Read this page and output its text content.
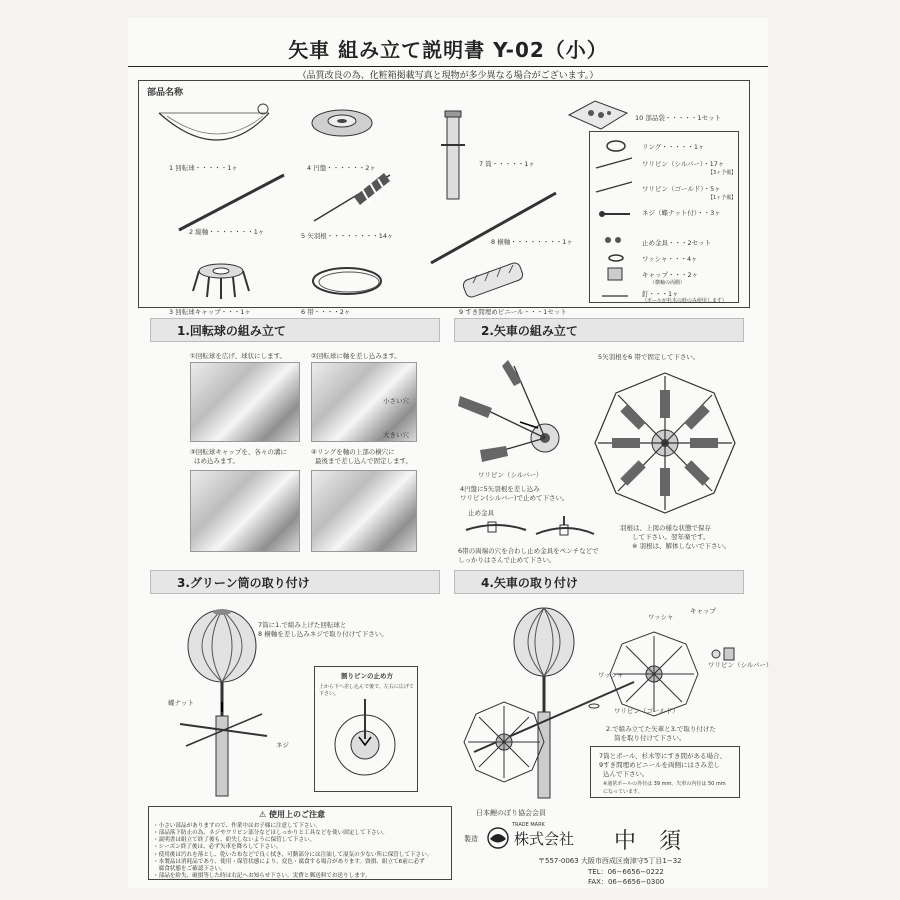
矢車 組み立て説明書 Y-02（小）
（品質改良の為、化粧箱掲載写真と現物が多少異なる場合がございます。）
部品名称
1 回転球・・・・・1ヶ
2 縦軸・・・・・・・1ヶ
3 回転球キャップ・・・1ヶ
4 円盤・・・・・・2ヶ
5 矢羽根・・・・・・・・14ヶ
6 帯・・・・2ヶ
7 筒・・・・・1ヶ
8 横軸・・・・・・・・1ヶ
9 すき間埋めビニール・・・1セット
10 部品袋・・・・・1セット
リング・・・・・1ヶ
ワリピン（シルバー）・17ヶ
【3ヶ予備】
ワリピン（ゴールド）・5ヶ
【1ヶ予備】
ネジ（蝶ナット付）・・3ヶ
止め金具・・・2セット
ワッシャ・・・4ヶ
キャップ・・・2ヶ
（横軸の両側）
釘・・・1ヶ
（ポールが杉木の時のみ使用します）
1.回転球の組み立て
①回転球を広げ、球状にします。	②回転球に軸を差し込みます。
小さい穴
大きい穴
③回転球キャップを、各々の溝に
はめ込みます。
④リングを軸の上部の横穴に
最後まで差し込んで固定します。
2.矢車の組み立て
5矢羽根を6 帯で固定して下さい。
ワリピン（シルバー）
4円盤に5矢羽根を差し込み
ワリピン(シルバー)で止めて下さい。
止め金具
6帯の両端の穴を合わし止め金具をペンチなどで
しっかりはさんで止めて下さい。
羽根は、上図の様な状態で保存
して下さい。翌年楽です。
※ 羽根は、解体しないで下さい。
3.グリーン筒の取り付け
7筒に1.で組み上げた回転球と
8 横軸を差し込みネジで取り付けて下さい。
蝶ナット
ネジ
割りピンの止め方
上から下へ差し込んで後で、左右に広げて
下さい。
4.矢車の取り付け
ワッシャ
キャップ
ワリピン（シルバー）
ワッシャ
ワリピン（ゴールド）
2.で組み立てた矢車と3.で取り付けた
筒を取り付けて下さい。
7筒とポール、杉木等にすき間がある場合、
9すき間埋めビニールを両側にはさみ差し
込んで下さい。
※通常ポールの外径は 39 mm、矢車の内径は 50 mm
になっています。
⚠ 使用上のご注意
・小さい部品がありますので、作業中はお子様に注意して下さい。
・部品落下防止の為、ネジやワリピン部分などはしっかりと工具などを使い固定して下さい。
・説明書は組立て終了後も、紛失しないように保管して下さい。
・シーズン終了後は、必ず矢車を降ろして下さい。
・使用後は汚れを落とし、乾いた布などで良く拭き、可動部分には注油して湿気の少ない所に保管して下さい。
・本製品は消耗品であり、使用・保管状態により、変色・腐食する場合があります。毀損、組立て6前に必ず
　腐食状態をご確認下さい。
・部品を紛失、破損等した時は右記へお知らせ下さい。実費と郵送料でお送りします。
日本鯉のぼり協会会員
製造
TRADE MARK
株式会社 中 須
〒557-0063 大阪市西成区南津守5丁目1−32
TEL：06−6656−0222
FAX：06−6656−0300
